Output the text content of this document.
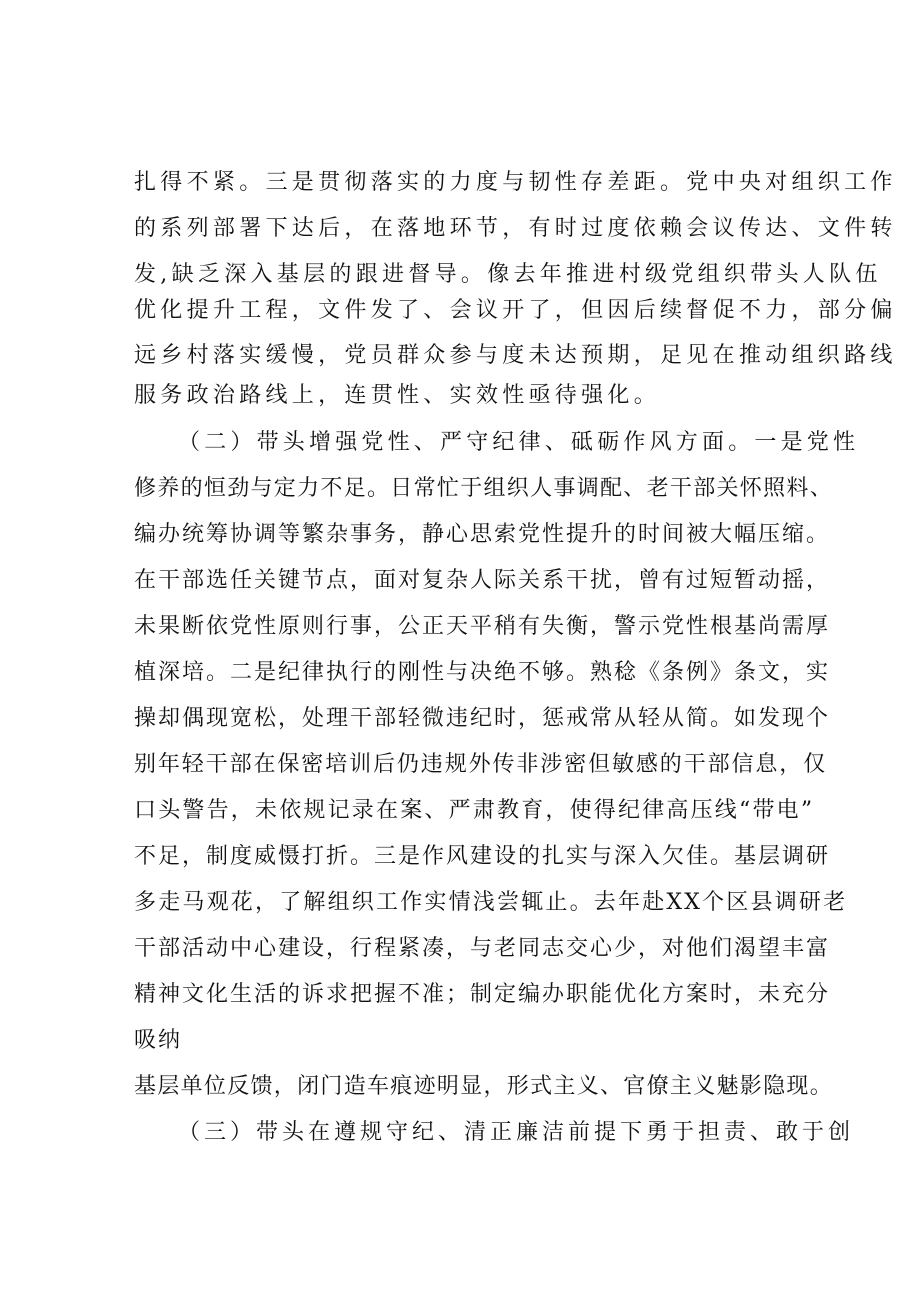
扎得不紧。三是贯彻落实的力度与韧性存差距。党中央对组织工作
的系列部署下达后，在落地环节，有时过度依赖会议传达、文件转
发,缺乏深入基层的跟进督导。像去年推进村级党组织带头人队伍
优化提升工程，文件发了、会议开了，但因后续督促不力，部分偏
远乡村落实缓慢，党员群众参与度未达预期，足见在推动组织路线
服务政治路线上，连贯性、实效性亟待强化。
（二）带头增强党性、严守纪律、砥砺作风方面。一是党性
修养的恒劲与定力不足。日常忙于组织人事调配、老干部关怀照料、
编办统筹协调等繁杂事务，静心思索党性提升的时间被大幅压缩。
在干部选任关键节点，面对复杂人际关系干扰，曾有过短暂动摇，
未果断依党性原则行事，公正天平稍有失衡，警示党性根基尚需厚
植深培。二是纪律执行的刚性与决绝不够。熟稔《条例》条文，实
操却偶现宽松，处理干部轻微违纪时，惩戒常从轻从简。如发现个
别年轻干部在保密培训后仍违规外传非涉密但敏感的干部信息，仅
口头警告，未依规记录在案、严肃教育，使得纪律高压线“带电”
不足，制度威慑打折。三是作风建设的扎实与深入欠佳。基层调研
多走马观花，了解组织工作实情浅尝辄止。去年赴XX个区县调研老
干部活动中心建设，行程紧凑，与老同志交心少，对他们渴望丰富
精神文化生活的诉求把握不准；制定编办职能优化方案时，未充分
吸纳
基层单位反馈，闭门造车痕迹明显，形式主义、官僚主义魅影隐现。
（三）带头在遵规守纪、清正廉洁前提下勇于担责、敢于创
